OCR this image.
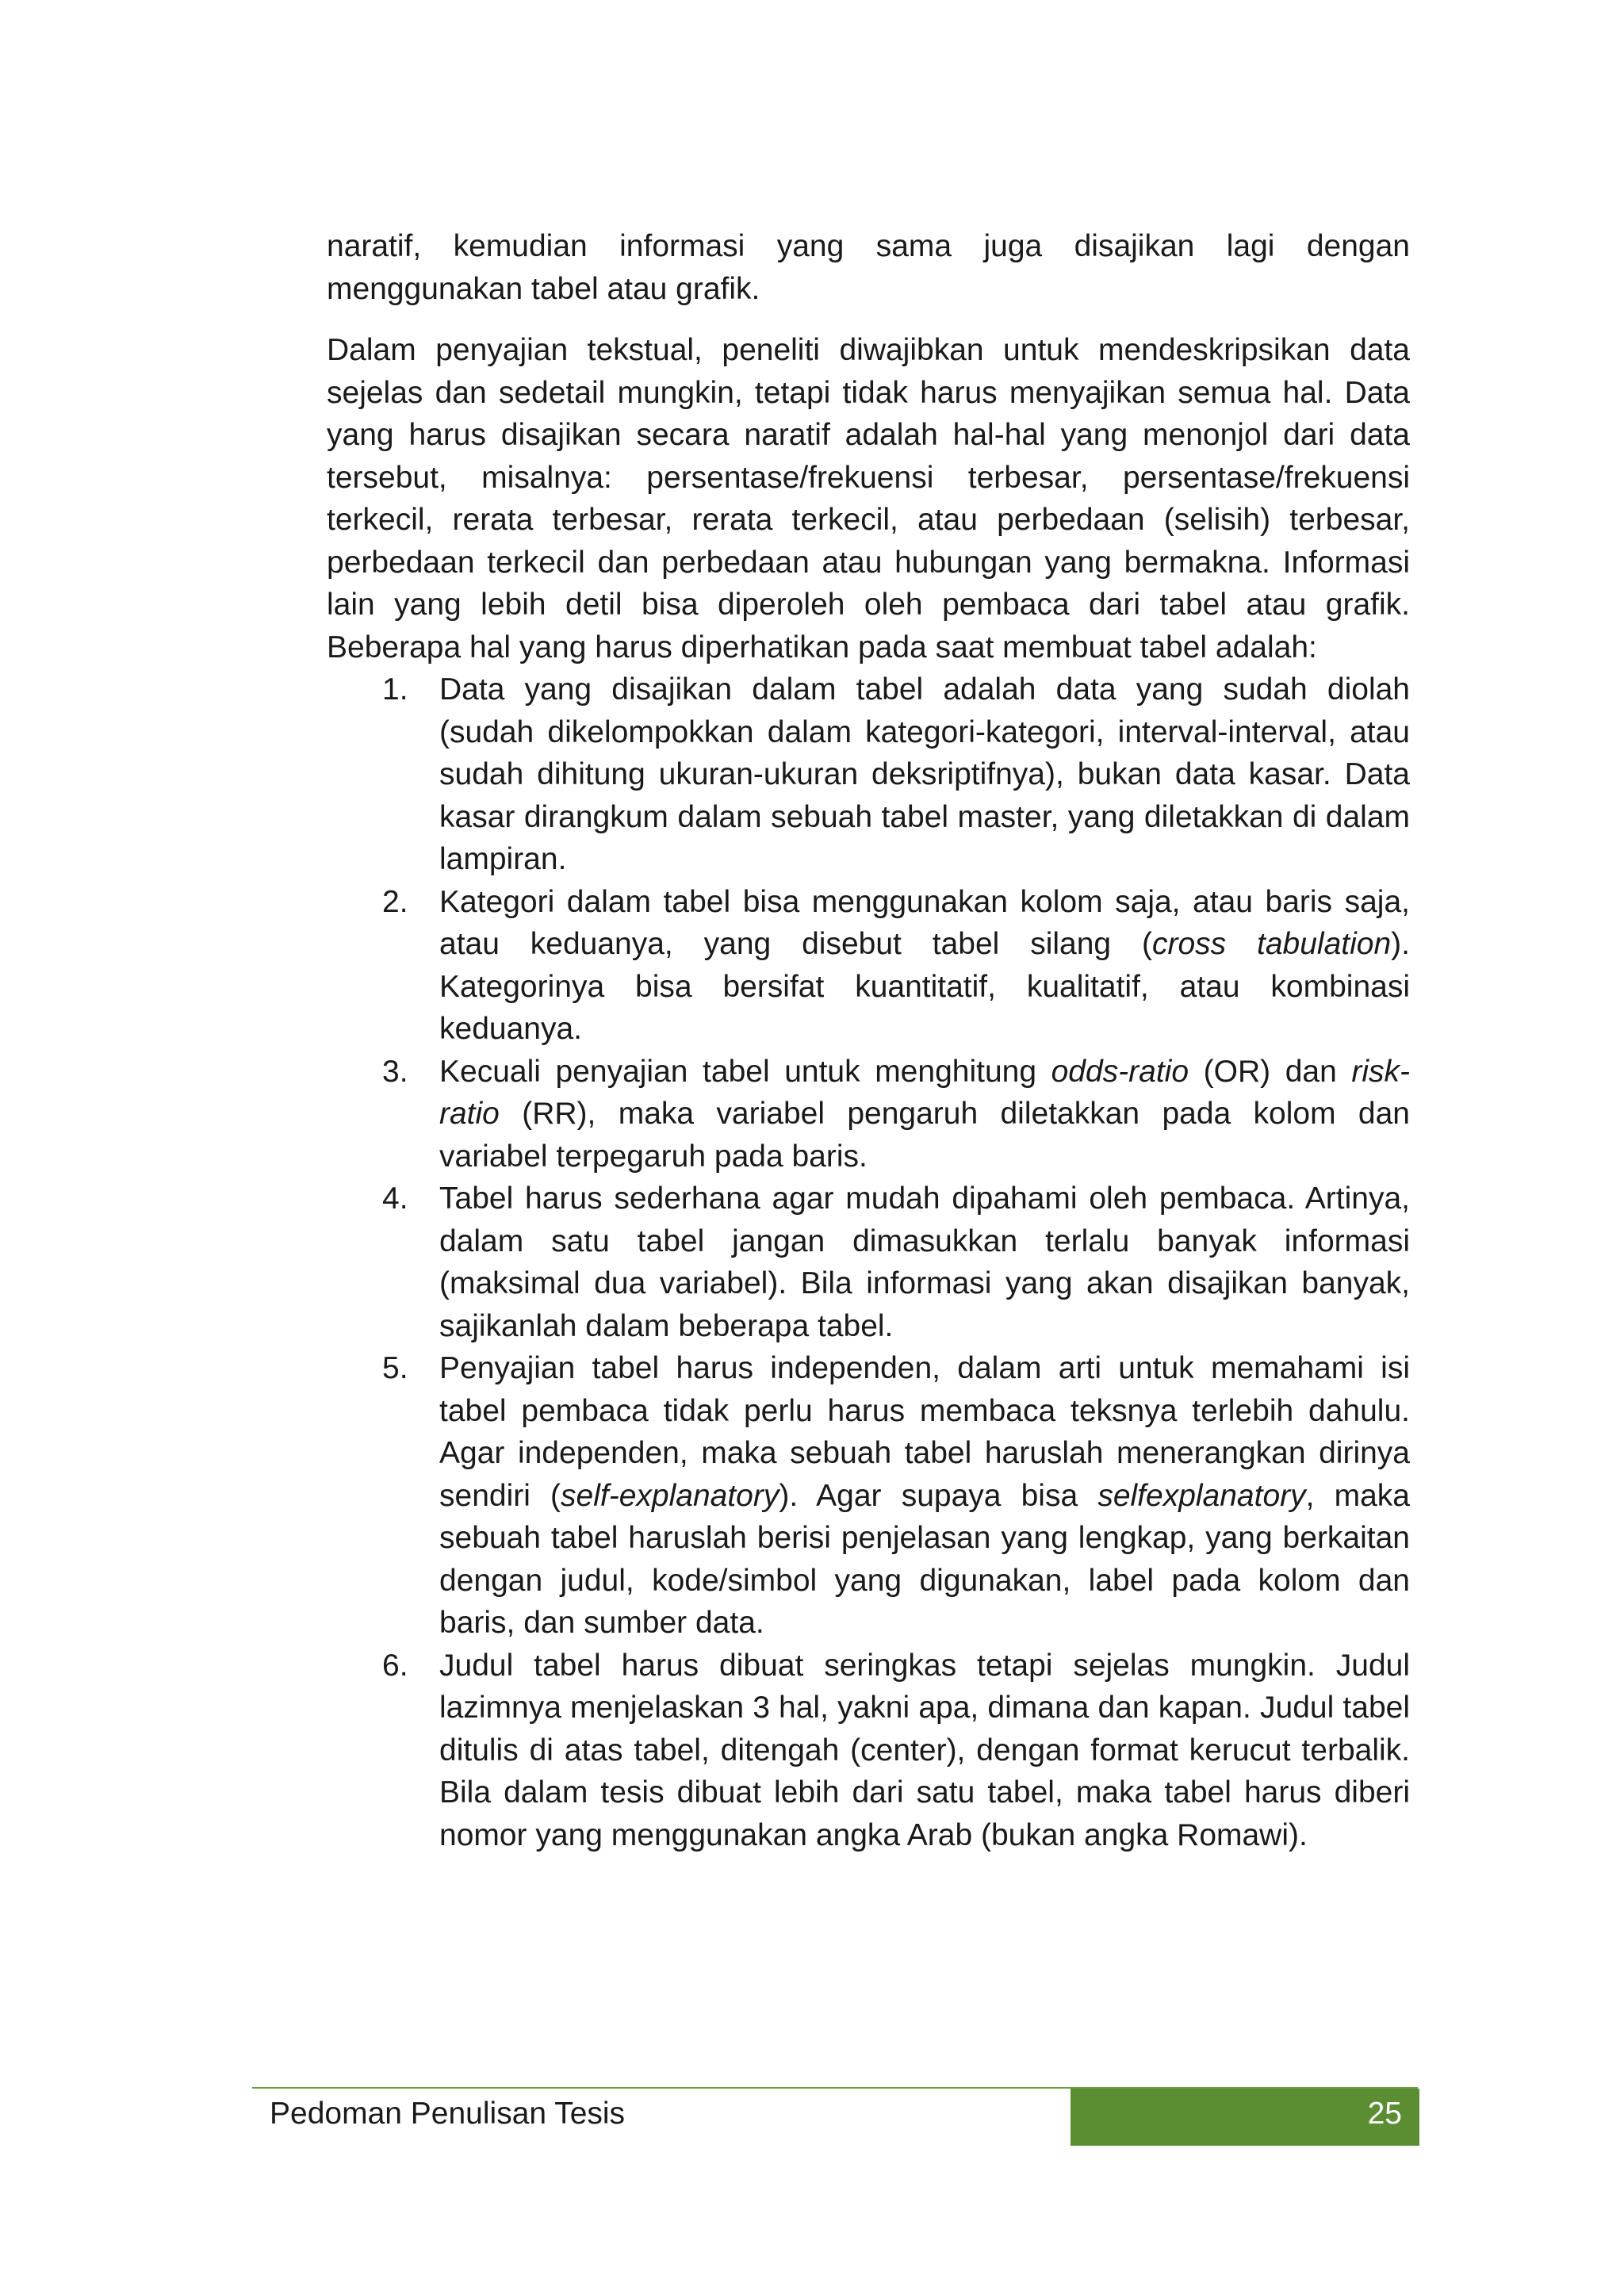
naratif, kemudian informasi yang sama juga disajikan lagi dengan menggunakan tabel atau grafik.

Dalam penyajian tekstual, peneliti diwajibkan untuk mendeskripsikan data sejelas dan sedetail mungkin, tetapi tidak harus menyajikan semua hal. Data yang harus disajikan secara naratif adalah hal-hal yang menonjol dari data tersebut, misalnya: persentase/frekuensi terbesar, persentase/frekuensi terkecil, rerata terbesar, rerata terkecil, atau perbedaan (selisih) terbesar, perbedaan terkecil dan perbedaan atau hubungan yang bermakna. Informasi lain yang lebih detil bisa diperoleh oleh pembaca dari tabel atau grafik. Beberapa hal yang harus diperhatikan pada saat membuat tabel adalah:

1. Data yang disajikan dalam tabel adalah data yang sudah diolah (sudah dikelompokkan dalam kategori-kategori, interval-interval, atau sudah dihitung ukuran-ukuran deksriptifnya), bukan data kasar. Data kasar dirangkum dalam sebuah tabel master, yang diletakkan di dalam lampiran.
2. Kategori dalam tabel bisa menggunakan kolom saja, atau baris saja, atau keduanya, yang disebut tabel silang (cross tabulation). Kategorinya bisa bersifat kuantitatif, kualitatif, atau kombinasi keduanya.
3. Kecuali penyajian tabel untuk menghitung odds-ratio (OR) dan risk-ratio (RR), maka variabel pengaruh diletakkan pada kolom dan variabel terpegaruh pada baris.
4. Tabel harus sederhana agar mudah dipahami oleh pembaca. Artinya, dalam satu tabel jangan dimasukkan terlalu banyak informasi (maksimal dua variabel). Bila informasi yang akan disajikan banyak, sajikanlah dalam beberapa tabel.
5. Penyajian tabel harus independen, dalam arti untuk memahami isi tabel pembaca tidak perlu harus membaca teksnya terlebih dahulu. Agar independen, maka sebuah tabel haruslah menerangkan dirinya sendiri (self-explanatory). Agar supaya bisa selfexplanatory, maka sebuah tabel haruslah berisi penjelasan yang lengkap, yang berkaitan dengan judul, kode/simbol yang digunakan, label pada kolom dan baris, dan sumber data.
6. Judul tabel harus dibuat seringkas tetapi sejelas mungkin. Judul lazimnya menjelaskan 3 hal, yakni apa, dimana dan kapan. Judul tabel ditulis di atas tabel, ditengah (center), dengan format kerucut terbalik. Bila dalam tesis dibuat lebih dari satu tabel, maka tabel harus diberi nomor yang menggunakan angka Arab (bukan angka Romawi).
Pedoman Penulisan Tesis	25
